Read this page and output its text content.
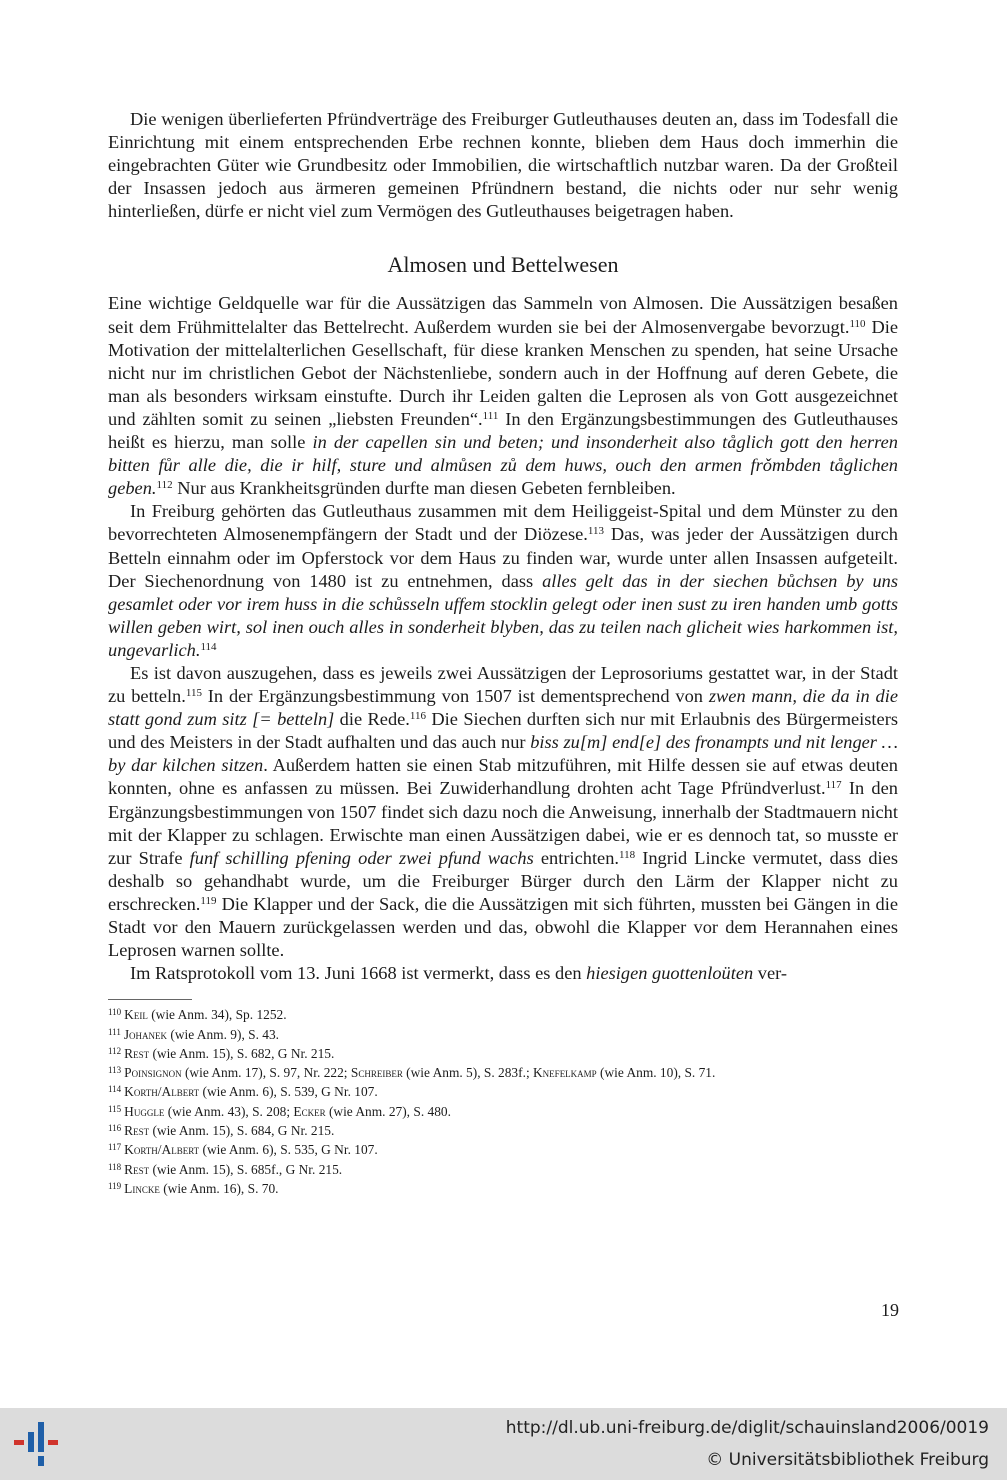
Die wenigen überlieferten Pfründverträge des Freiburger Gutleuthauses deuten an, dass im Todesfall die Einrichtung mit einem entsprechenden Erbe rechnen konnte, blieben dem Haus doch immerhin die eingebrachten Güter wie Grundbesitz oder Immobilien, die wirtschaftlich nutzbar waren. Da der Großteil der Insassen jedoch aus ärmeren gemeinen Pfründnern bestand, die nichts oder nur sehr wenig hinterließen, dürfe er nicht viel zum Vermögen des Gutleuthauses beigetragen haben.

Almosen und Bettelwesen

Eine wichtige Geldquelle war für die Aussätzigen das Sammeln von Almosen. Die Aussätzigen besaßen seit dem Frühmittelalter das Bettelrecht. Außerdem wurden sie bei der Almosenvergabe bevorzugt.$^{110}$ Die Motivation der mittelalterlichen Gesellschaft, für diese kranken Menschen zu spenden, hat seine Ursache nicht nur im christlichen Gebot der Nächstenliebe, sondern auch in der Hoffnung auf deren Gebete, die man als besonders wirksam einstufte. Durch ihr Leiden galten die Leprosen als von Gott ausgezeichnet und zählten somit zu seinen „liebsten Freunden“.$^{111}$ In den Ergänzungsbestimmungen des Gutleuthauses heißt es hierzu, man solle in der capellen sin und beten; und insonderheit also tåglich gott den herren bitten fůr alle die, die ir hilf, sture und almůsen zů dem huws, ouch den armen frǒmbden tåglichen geben.$^{112}$ Nur aus Krankheitsgründen durfte man diesen Gebeten fernbleiben.

In Freiburg gehörten das Gutleuthaus zusammen mit dem Heiliggeist-Spital und dem Münster zu den bevorrechteten Almosenempfängern der Stadt und der Diözese.$^{113}$ Das, was jeder der Aussätzigen durch Betteln einnahm oder im Opferstock vor dem Haus zu finden war, wurde unter allen Insassen aufgeteilt. Der Siechenordnung von 1480 ist zu entnehmen, dass alles gelt das in der siechen bůchsen by uns gesamlet oder vor irem huss in die schůsseln uffem stocklin gelegt oder inen sust zu iren handen umb gotts willen geben wirt, sol inen ouch alles in sonderheit blyben, das zu teilen nach glicheit wies harkommen ist, ungevarlich.$^{114}$

Es ist davon auszugehen, dass es jeweils zwei Aussätzigen der Leprosoriums gestattet war, in der Stadt zu betteln.$^{115}$ In der Ergänzungsbestimmung von 1507 ist dementsprechend von zwen mann, die da in die statt gond zum sitz [= betteln] die Rede.$^{116}$ Die Siechen durften sich nur mit Erlaubnis des Bürgermeisters und des Meisters in der Stadt aufhalten und das auch nur biss zu[m] end[e] des fronampts und nit lenger … by dar kilchen sitzen. Außerdem hatten sie einen Stab mitzuführen, mit Hilfe dessen sie auf etwas deuten konnten, ohne es anfassen zu müssen. Bei Zuwiderhandlung drohten acht Tage Pfründverlust.$^{117}$ In den Ergänzungsbestimmungen von 1507 findet sich dazu noch die Anweisung, innerhalb der Stadtmauern nicht mit der Klapper zu schlagen. Erwischte man einen Aussätzigen dabei, wie er es dennoch tat, so musste er zur Strafe funf schilling pfening oder zwei pfund wachs entrichten.$^{118}$ Ingrid Lincke vermutet, dass dies deshalb so gehandhabt wurde, um die Freiburger Bürger durch den Lärm der Klapper nicht zu erschrecken.$^{119}$ Die Klapper und der Sack, die die Aussätzigen mit sich führten, mussten bei Gängen in die Stadt vor den Mauern zurückgelassen werden und das, obwohl die Klapper vor dem Herannahen eines Leprosen warnen sollte.

Im Ratsprotokoll vom 13. Juni 1668 ist vermerkt, dass es den hiesigen guottenloüten ver-

$^{110}$ Keil (wie Anm. 34), Sp. 1252.

$^{111}$ Johanek (wie Anm. 9), S. 43.

$^{112}$ Rest (wie Anm. 15), S. 682, G Nr. 215.

$^{113}$ Poinsignon (wie Anm. 17), S. 97, Nr. 222; Schreiber (wie Anm. 5), S. 283f.; Knefelkamp (wie Anm. 10), S. 71.

$^{114}$ Korth/Albert (wie Anm. 6), S. 539, G Nr. 107.

$^{115}$ Huggle (wie Anm. 43), S. 208; Ecker (wie Anm. 27), S. 480.

$^{116}$ Rest (wie Anm. 15), S. 684, G Nr. 215.

$^{117}$ Korth/Albert (wie Anm. 6), S. 535, G Nr. 107.

$^{118}$ Rest (wie Anm. 15), S. 685f., G Nr. 215.

$^{119}$ Lincke (wie Anm. 16), S. 70.

19
http://dl.ub.uni-freiburg.de/diglit/schauinsland2006/0019
© Universitätsbibliothek Freiburg
